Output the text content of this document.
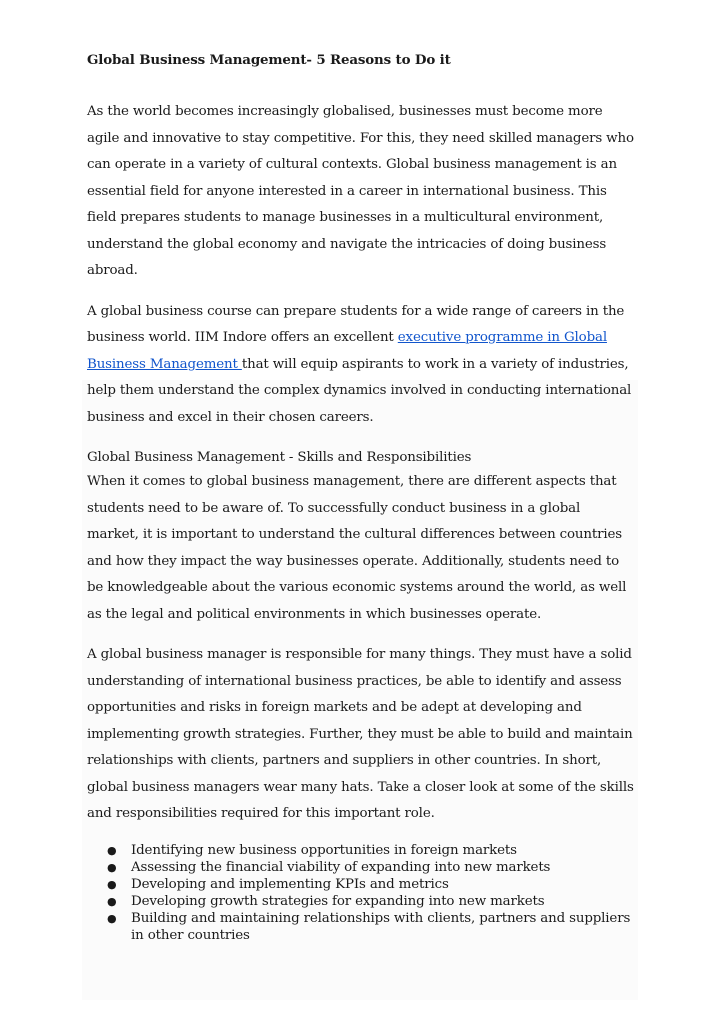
Global Business Management- 5 Reasons to Do it

As the world becomes increasingly globalised, businesses must become more agile and innovative to stay competitive. For this, they need skilled managers who can operate in a variety of cultural contexts. Global business management is an essential field for anyone interested in a career in international business. This field prepares students to manage businesses in a multicultural environment, understand the global economy and navigate the intricacies of doing business abroad.

A global business course can prepare students for a wide range of careers in the business world. IIM Indore offers an excellent executive programme in Global Business Management that will equip aspirants to work in a variety of industries, help them understand the complex dynamics involved in conducting international business and excel in their chosen careers.

Global Business Management - Skills and Responsibilities

When it comes to global business management, there are different aspects that students need to be aware of. To successfully conduct business in a global market, it is important to understand the cultural differences between countries and how they impact the way businesses operate. Additionally, students need to be knowledgeable about the various economic systems around the world, as well as the legal and political environments in which businesses operate.

A global business manager is responsible for many things. They must have a solid understanding of international business practices, be able to identify and assess opportunities and risks in foreign markets and be adept at developing and implementing growth strategies. Further, they must be able to build and maintain relationships with clients, partners and suppliers in other countries. In short, global business managers wear many hats. Take a closer look at some of the skills and responsibilities required for this important role.

● Identifying new business opportunities in foreign markets
● Assessing the financial viability of expanding into new markets
● Developing and implementing KPIs and metrics
● Developing growth strategies for expanding into new markets
● Building and maintaining relationships with clients, partners and suppliers in other countries
